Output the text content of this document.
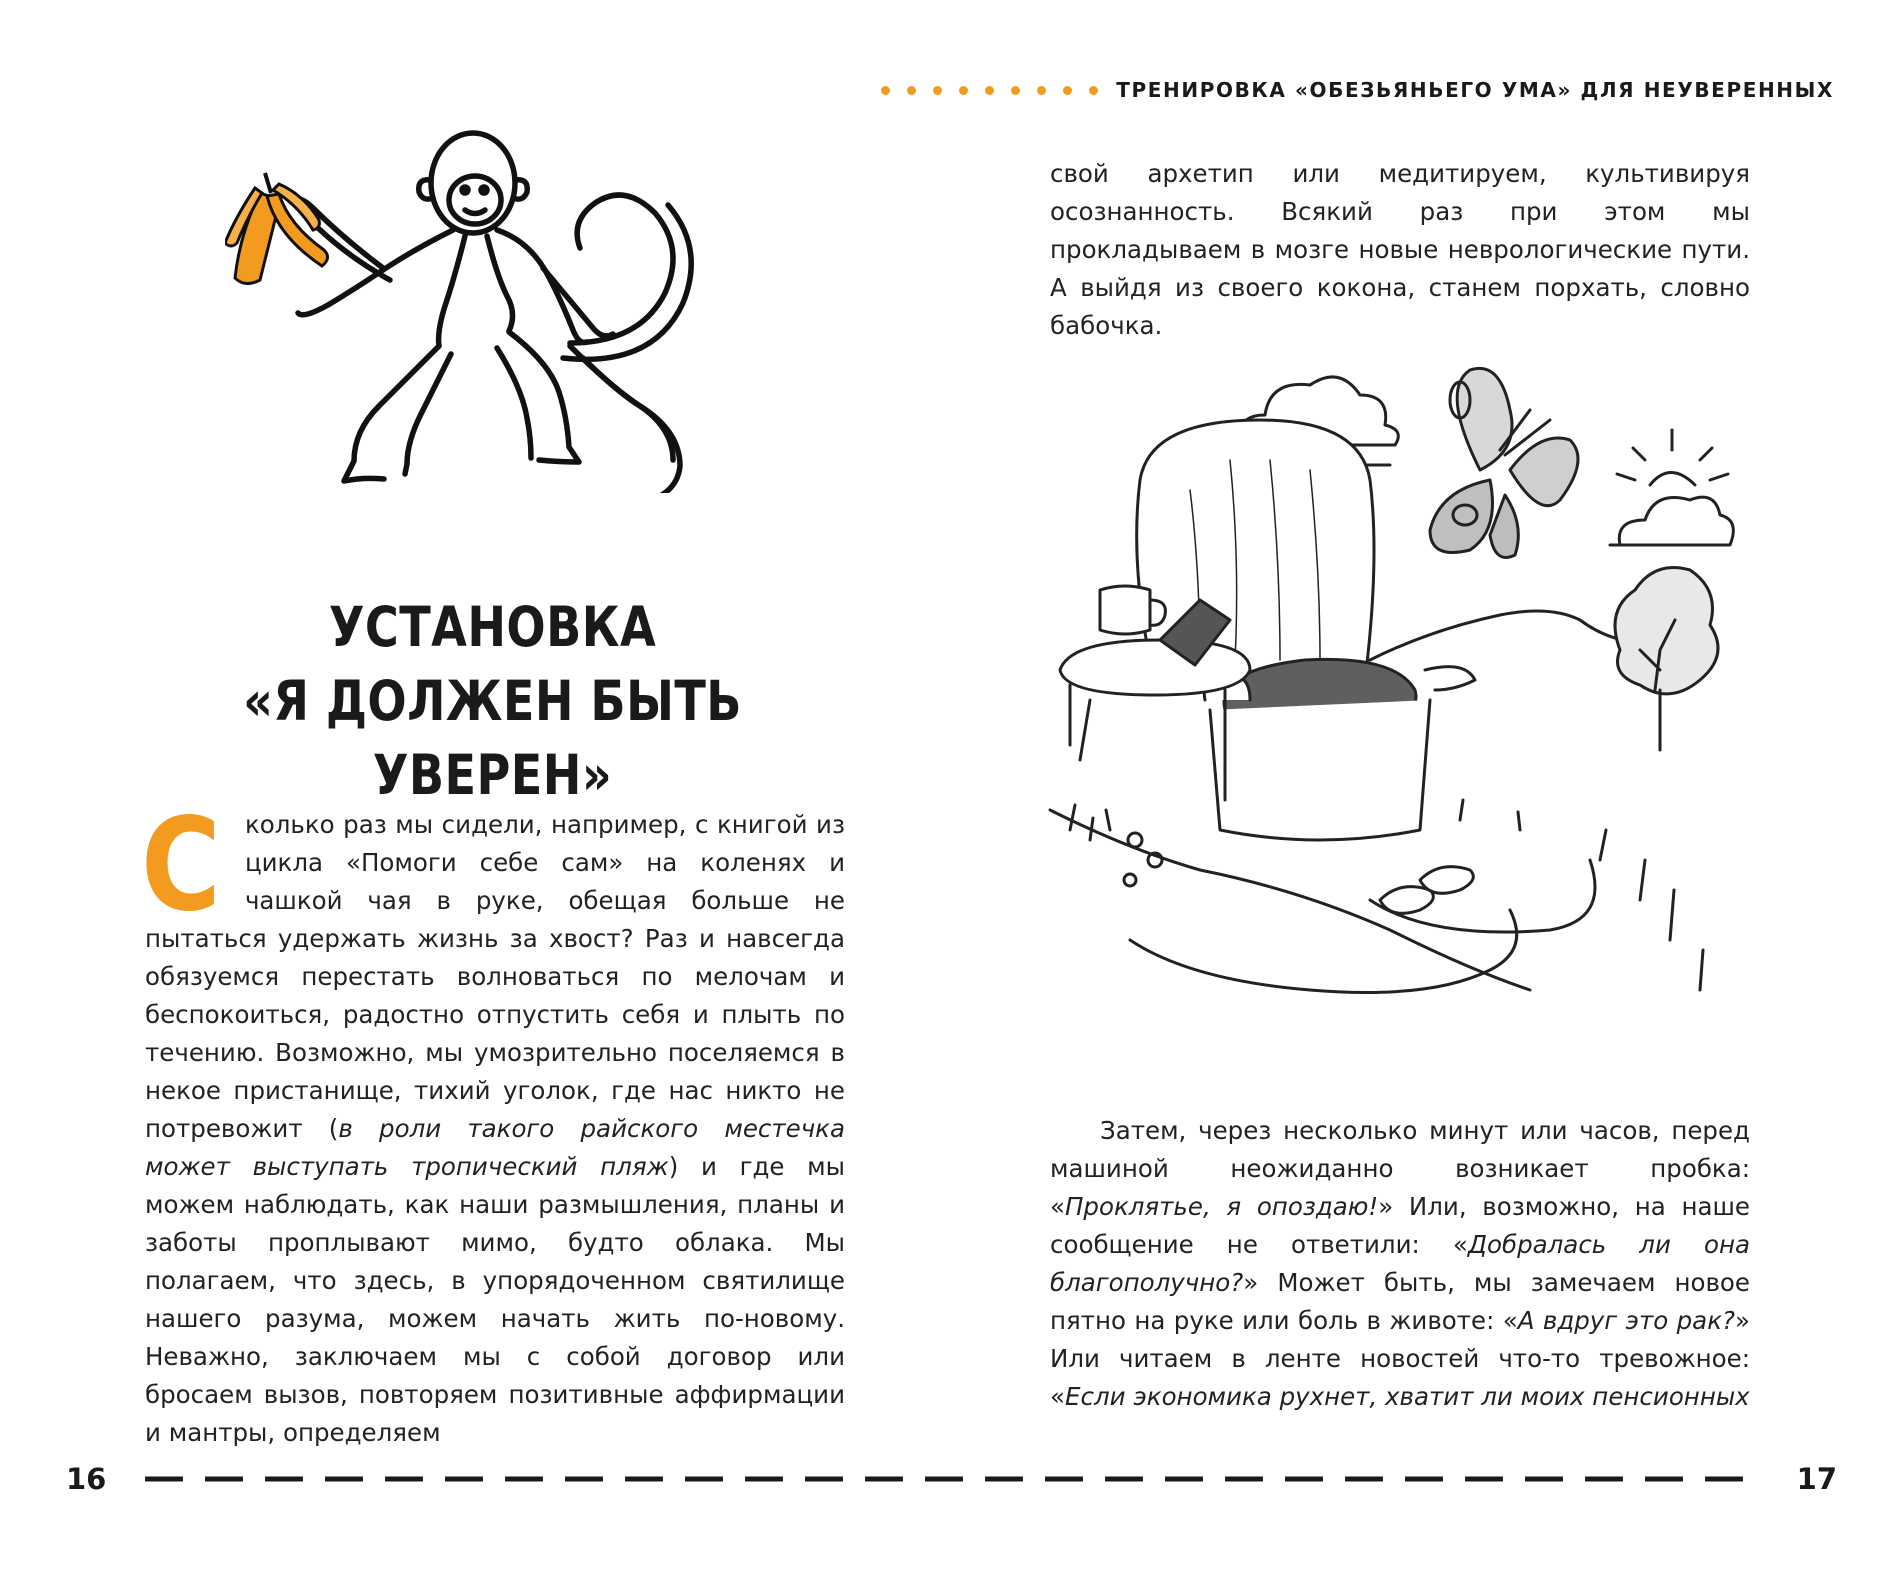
ТРЕНИРОВКА «ОБЕЗЬЯНЬЕГО УМА» ДЛЯ НЕУВЕРЕННЫХ
УСТАНОВКА
«Я ДОЛЖЕН БЫТЬ УВЕРЕН»

Сколько раз мы сидели, например, с книгой из цикла «Помоги себе сам» на коленях и чашкой чая в руке, обещая больше не пытаться удержать жизнь за хвост? Раз и навсегда обязуемся перестать волноваться по мелочам и беспокоиться, радостно отпустить себя и плыть по течению. Возможно, мы умозрительно поселяемся в некое пристанище, тихий уголок, где нас никто не потревожит (в роли такого райского местечка может выступать тропический пляж) и где мы можем наблюдать, как наши размышления, планы и заботы проплывают мимо, будто облака. Мы полагаем, что здесь, в упорядоченном святилище нашего разума, можем начать жить по-новому. Неважно, заключаем мы с собой договор или бросаем вызов, повторяем позитивные аффирмации и мантры, определяем

свой архетип или медитируем, культивируя осознанность. Всякий раз при этом мы прокладываем в мозге новые неврологические пути. А выйдя из своего кокона, станем порхать, словно бабочка.

Затем, через несколько минут или часов, перед машиной неожиданно возникает пробка: «Проклятье, я опоздаю!» Или, возможно, на наше сообщение не ответили: «Добралась ли она благополучно?» Может быть, мы замечаем новое пятно на руке или боль в животе: «А вдруг это рак?» Или читаем в ленте новостей что-то тревожное: «Если экономика рухнет, хватит ли моих пенсионных

16	17
